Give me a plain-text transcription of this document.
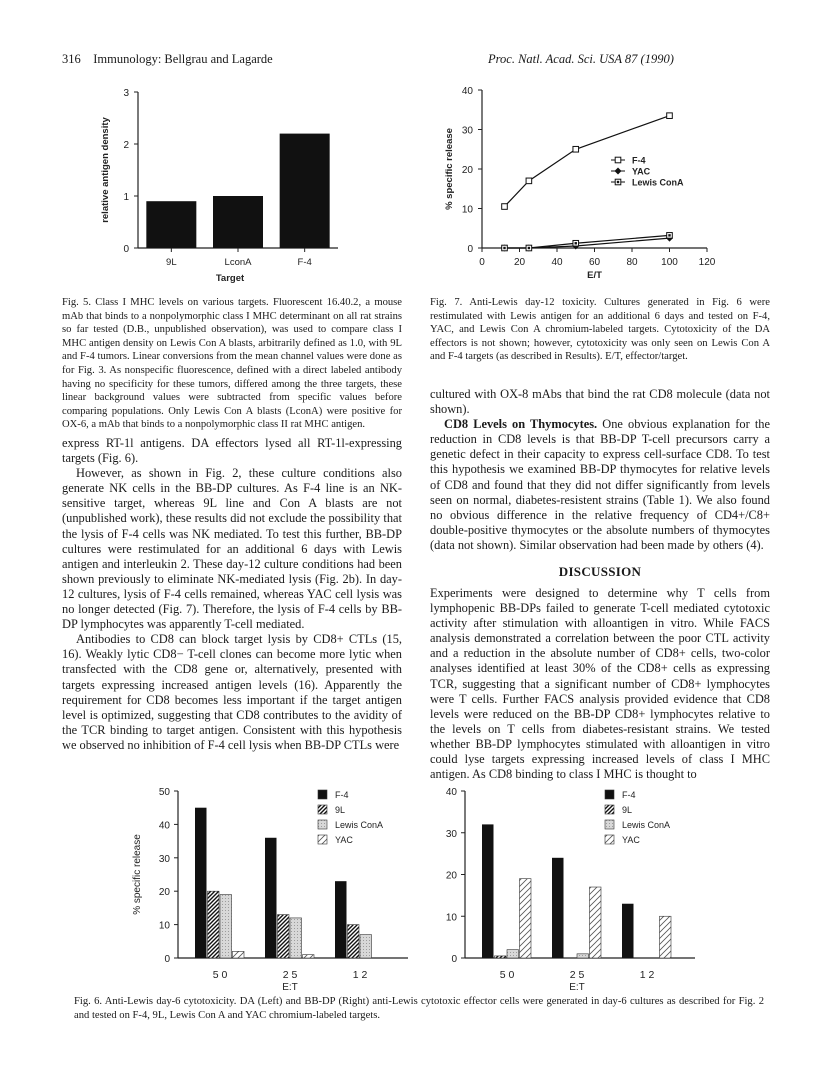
316 Immunology: Bellgrau and Lagarde	Proc. Natl. Acad. Sci. USA 87 (1990)
0
1
2
3
9L	LconA	F-4
Target
relative antigen density
0
10
20
30
40
0	20	40	60	80 100 120
E/T
% specific release	F-4
YAC
Lewis ConA
Fig. 5. Class I MHC levels on various targets. Fluorescent 16.40.2, a mouse mAb that binds to a nonpolymorphic class I MHC determinant on all rat strains so far tested (D.B., unpublished observation), was used to compare class I MHC antigen density on Lewis Con A blasts, arbitrarily defined as 1.0, with 9L and F-4 tumors. Linear conversions from the mean channel values were done as for Fig. 3. As nonspecific fluorescence, defined with a direct labeled antibody having no specificity for these tumors, differed among the three targets, these linear background values were subtracted from specific values before comparing populations. Only Lewis Con A blasts (LconA) were positive for OX-6, a mAb that binds to a nonpolymorphic class II rat MHC antigen.
Fig. 7. Anti-Lewis day-12 toxicity. Cultures generated in Fig. 6 were restimulated with Lewis antigen for an additional 6 days and tested on F-4, YAC, and Lewis Con A chromium-labeled targets. Cytotoxicity of the DA effectors is not shown; however, cytotoxicity was only seen on Lewis Con A and F-4 targets (as described in Results). E/T, effector/target.

express RT-1l antigens. DA effectors lysed all RT-1l-expressing targets (Fig. 6).

However, as shown in Fig. 2, these culture conditions also generate NK cells in the BB-DP cultures. As F-4 line is an NK-sensitive target, whereas 9L line and Con A blasts are not (unpublished work), these results did not exclude the possibility that the lysis of F-4 cells was NK mediated. To test this further, BB-DP cultures were restimulated for an additional 6 days with Lewis antigen and interleukin 2. These day-12 culture conditions had been shown previously to eliminate NK-mediated lysis (Fig. 2b). In day-12 cultures, lysis of F-4 cells remained, whereas YAC cell lysis was no longer detected (Fig. 7). Therefore, the lysis of F-4 cells by BB-DP lymphocytes was apparently T-cell mediated.

Antibodies to CD8 can block target lysis by CD8+ CTLs (15, 16). Weakly lytic CD8− T-cell clones can become more lytic when transfected with the CD8 gene or, alternatively, presented with targets expressing increased antigen levels (16). Apparently the requirement for CD8 becomes less important if the target antigen level is optimized, suggesting that CD8 contributes to the avidity of the TCR binding to target antigen. Consistent with this hypothesis we observed no inhibition of F-4 cell lysis when BB-DP CTLs were

cultured with OX-8 mAbs that bind the rat CD8 molecule (data not shown).

CD8 Levels on Thymocytes. One obvious explanation for the reduction in CD8 levels is that BB-DP T-cell precursors carry a genetic defect in their capacity to express cell-surface CD8. To test this hypothesis we examined BB-DP thymocytes for relative levels of CD8 and found that they did not differ significantly from levels seen on normal, diabetes-resistent strains (Table 1). We also found no obvious difference in the relative frequency of CD4+/C8+ double-positive thymocytes or the absolute numbers of thymocytes (data not shown). Similar observation had been made by others (4).

DISCUSSION

Experiments were designed to determine why T cells from lymphopenic BB-DPs failed to generate T-cell mediated cytotoxic activity after stimulation with alloantigen in vitro. While FACS analysis demonstrated a correlation between the poor CTL activity and a reduction in the absolute number of CD8+ cells, two-color analyses identified at least 30% of the CD8+ cells as expressing TCR, suggesting that a significant number of CD8+ lymphocytes were T cells. Further FACS analysis provided evidence that CD8 levels were reduced on the BB-DP CD8+ lymphocytes relative to the levels on T cells from diabetes-resistant strains. We tested whether BB-DP lymphocytes stimulated with alloantigen in vitro could lyse targets expressing increased levels of class I MHC antigen. As CD8 binding to class I MHC is thought to

0
10
20
30
40
50
5 0	2 5	1 2
E:T
% specific release
F-4
9L
Lewis ConA
YAC
0
10
20
30
40
5 0	2 5	1 2
E:T
F-4
9L
Lewis ConA
YAC
Fig. 6. Anti-Lewis day-6 cytotoxicity. DA (Left) and BB-DP (Right) anti-Lewis cytotoxic effector cells were generated in day-6 cultures as described for Fig. 2 and tested on F-4, 9L, Lewis Con A and YAC chromium-labeled targets.
